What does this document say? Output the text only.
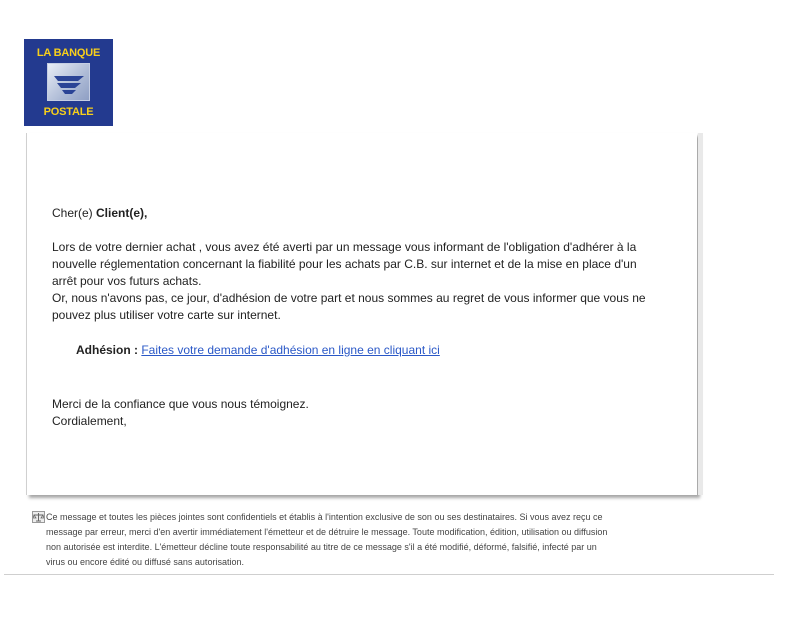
LA BANQUE
POSTALE

Cher(e) Client(e),

Lors de votre dernier achat , vous avez été averti par un message vous informant de l'obligation d'adhérer à la

nouvelle réglementation concernant la fiabilité pour les achats par C.B. sur internet et de la mise en place d'un

arrêt pour vos futurs achats.

Or, nous n'avons pas, ce jour, d'adhésion de votre part et nous sommes au regret de vous informer que vous ne

pouvez plus utiliser votre carte sur internet.

Adhésion : Faites votre demande d'adhésion en ligne en cliquant ici

Merci de la confiance que vous nous témoignez.

Cordialement,

Ce message et toutes les pièces jointes sont confidentiels et établis à l'intention exclusive de son ou ses destinataires. Si vous avez reçu ce
message par erreur, merci d'en avertir immédiatement l'émetteur et de détruire le message. Toute modification, édition, utilisation ou diffusion
non autorisée est interdite. L'émetteur décline toute responsabilité au titre de ce message s'il a été modifié, déformé, falsifié, infecté par un
virus ou encore édité ou diffusé sans autorisation.
